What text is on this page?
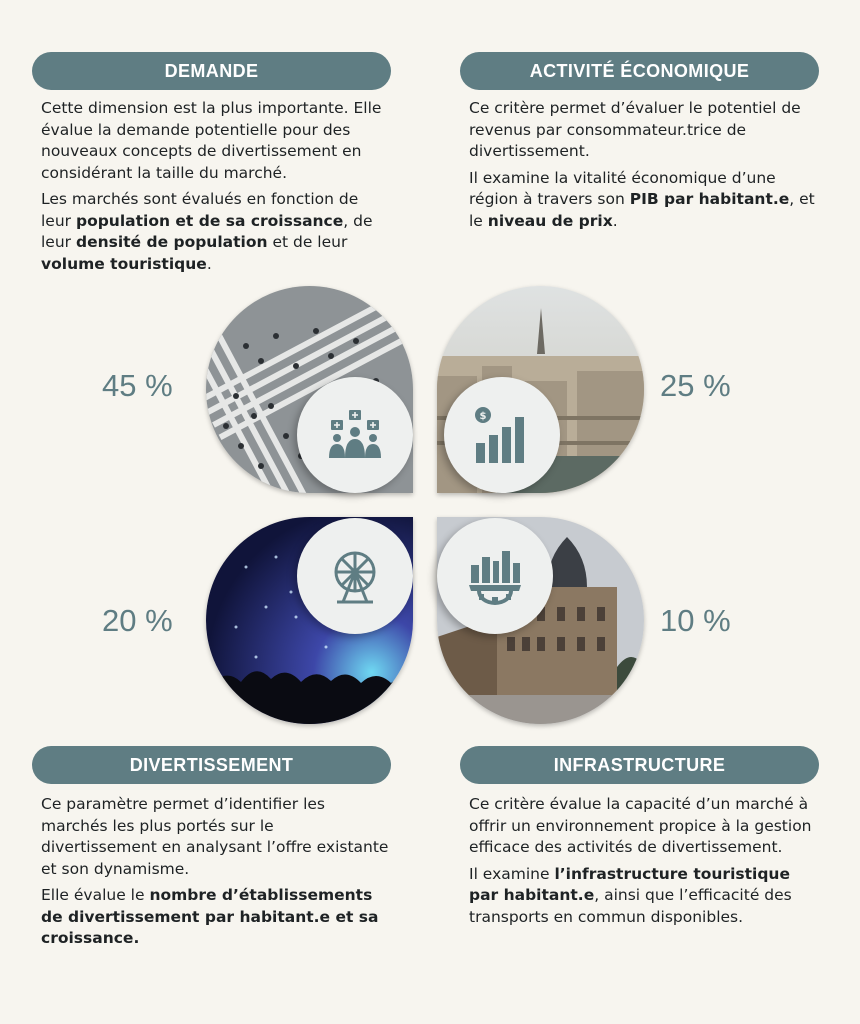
DEMANDE

Cette dimension est la plus importante. Elle évalue la demande potentielle pour des nouveaux concepts de divertissement en considérant la taille du marché.

Les marchés sont évalués en fonction de leur population et de sa croissance, de leur densité de population et de leur volume touristique.

ACTIVITÉ ÉCONOMIQUE

Ce critère permet d’évaluer le potentiel de revenus par consommateur.trice de divertissement.

Il examine la vitalité économique d’une région à travers son PIB par habitant.e, et le niveau de prix.

45 %	25 %
20 %	10 %
$
DIVERTISSEMENT

Ce paramètre permet d’identifier les marchés les plus portés sur le divertissement en analysant l’offre existante et son dynamisme.

Elle évalue le nombre d’établissements de divertissement par habitant.e et sa croissance.

INFRASTRUCTURE

Ce critère évalue la capacité d’un marché à offrir un environnement propice à la gestion efficace des activités de divertissement.

Il examine l’infrastructure touristique par habitant.e, ainsi que l’efficacité des transports en commun disponibles.
